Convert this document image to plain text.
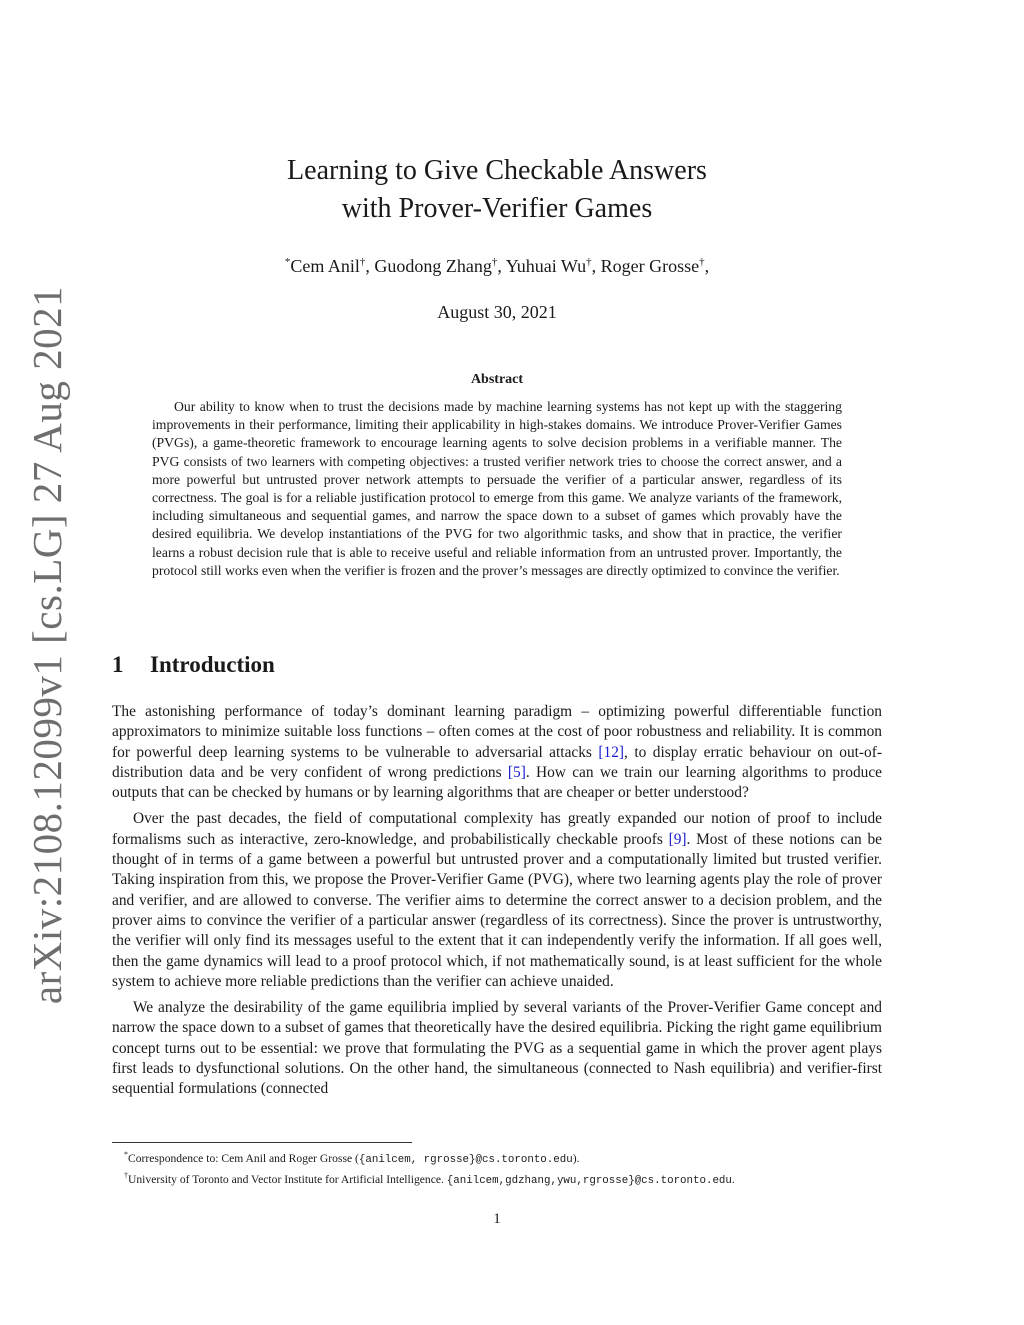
arXiv:2108.12099v1 [cs.LG] 27 Aug 2021
Learning to Give Checkable Answers
with Prover-Verifier Games
*Cem Anil†, Guodong Zhang†, Yuhuai Wu†, Roger Grosse†,
August 30, 2021
Abstract
Our ability to know when to trust the decisions made by machine learning systems has not kept up with the staggering improvements in their performance, limiting their applicability in high-stakes domains. We introduce Prover-Verifier Games (PVGs), a game-theoretic framework to encourage learning agents to solve decision problems in a verifiable manner. The PVG consists of two learners with competing objectives: a trusted verifier network tries to choose the correct answer, and a more powerful but untrusted prover network attempts to persuade the verifier of a particular answer, regardless of its correctness. The goal is for a reliable justification protocol to emerge from this game. We analyze variants of the framework, including simultaneous and sequential games, and narrow the space down to a subset of games which provably have the desired equilibria. We develop instantiations of the PVG for two algorithmic tasks, and show that in practice, the verifier learns a robust decision rule that is able to receive useful and reliable information from an untrusted prover. Importantly, the protocol still works even when the verifier is frozen and the prover’s messages are directly optimized to convince the verifier.
1 Introduction

The astonishing performance of today’s dominant learning paradigm – optimizing powerful differentiable function approximators to minimize suitable loss functions – often comes at the cost of poor robustness and reliability. It is common for powerful deep learning systems to be vulnerable to adversarial attacks [12], to display erratic behaviour on out-of-distribution data and be very confident of wrong predictions [5]. How can we train our learning algorithms to produce outputs that can be checked by humans or by learning algorithms that are cheaper or better understood?

Over the past decades, the field of computational complexity has greatly expanded our notion of proof to include formalisms such as interactive, zero-knowledge, and probabilistically checkable proofs [9]. Most of these notions can be thought of in terms of a game between a powerful but untrusted prover and a computationally limited but trusted verifier. Taking inspiration from this, we propose the Prover-Verifier Game (PVG), where two learning agents play the role of prover and verifier, and are allowed to converse. The verifier aims to determine the correct answer to a decision problem, and the prover aims to convince the verifier of a particular answer (regardless of its correctness). Since the prover is untrustworthy, the verifier will only find its messages useful to the extent that it can independently verify the information. If all goes well, then the game dynamics will lead to a proof protocol which, if not mathematically sound, is at least sufficient for the whole system to achieve more reliable predictions than the verifier can achieve unaided.

We analyze the desirability of the game equilibria implied by several variants of the Prover-Verifier Game concept and narrow the space down to a subset of games that theoretically have the desired equilibria. Picking the right game equilibrium concept turns out to be essential: we prove that formulating the PVG as a sequential game in which the prover agent plays first leads to dysfunctional solutions. On the other hand, the simultaneous (connected to Nash equilibria) and verifier-first sequential formulations (connected

*Correspondence to: Cem Anil and Roger Grosse ({anilcem, rgrosse}@cs.toronto.edu).
†University of Toronto and Vector Institute for Artificial Intelligence. {anilcem,gdzhang,ywu,rgrosse}@cs.toronto.edu.
1
